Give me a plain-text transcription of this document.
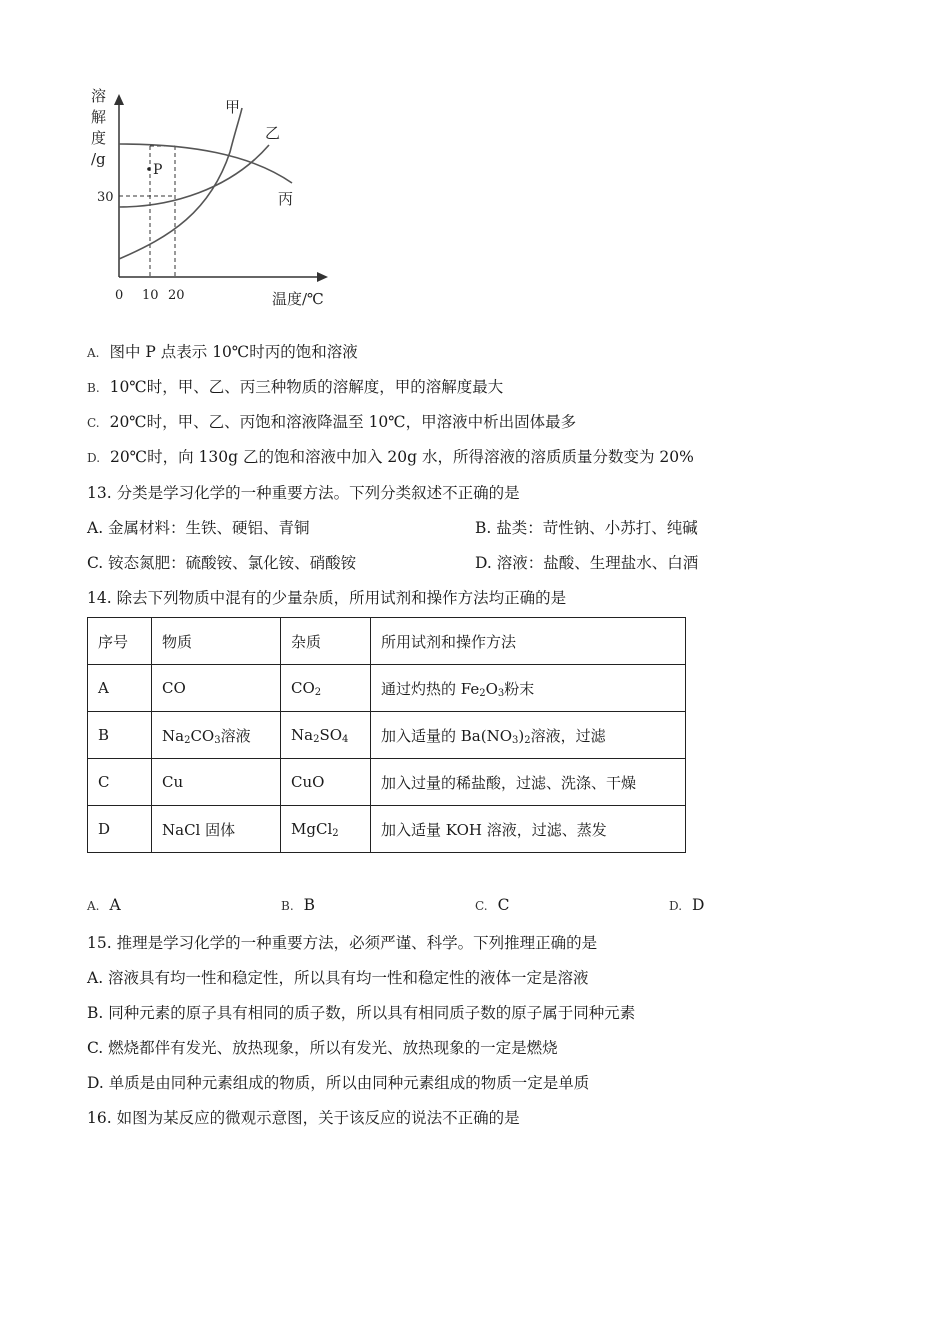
溶
解
度
/g
P
甲
乙
丙
30
0 10 20	温度/℃
A. 图中 P 点表示 10℃时丙的饱和溶液
B. 10℃时，甲、乙、丙三种物质的溶解度，甲的溶解度最大
C. 20℃时，甲、乙、丙饱和溶液降温至 10℃，甲溶液中析出固体最多
D. 20℃时，向 130g 乙的饱和溶液中加入 20g 水，所得溶液的溶质质量分数变为 20%
13. 分类是学习化学的一种重要方法。下列分类叙述不正确的是
A. 金属材料：生铁、硬铝、青铜	B. 盐类：苛性钠、小苏打、纯碱
C. 铵态氮肥：硫酸铵、氯化铵、硝酸铵	D. 溶液：盐酸、生理盐水、白酒
14. 除去下列物质中混有的少量杂质，所用试剂和操作方法均正确的是
序号	物质	杂质	所用试剂和操作方法
A	CO	$CO_2$	通过灼热的 $Fe_2O_3$粉末
B	$Na_2CO_3$溶液	$Na_2SO_4$	加入适量的 $Ba(NO_3)_2$溶液，过滤
C	Cu	CuO	加入过量的稀盐酸，过滤、洗涤、干燥
D	NaCl 固体	MgCl$_2$	加入适量 KOH 溶液，过滤、蒸发
A. A	B. B	C. C	D. D
15. 推理是学习化学的一种重要方法，必须严谨、科学。下列推理正确的是
A. 溶液具有均一性和稳定性，所以具有均一性和稳定性的液体一定是溶液
B. 同种元素的原子具有相同的质子数，所以具有相同质子数的原子属于同种元素
C. 燃烧都伴有发光、放热现象，所以有发光、放热现象的一定是燃烧
D. 单质是由同种元素组成的物质，所以由同种元素组成的物质一定是单质
16. 如图为某反应的微观示意图，关于该反应的说法不正确的是
